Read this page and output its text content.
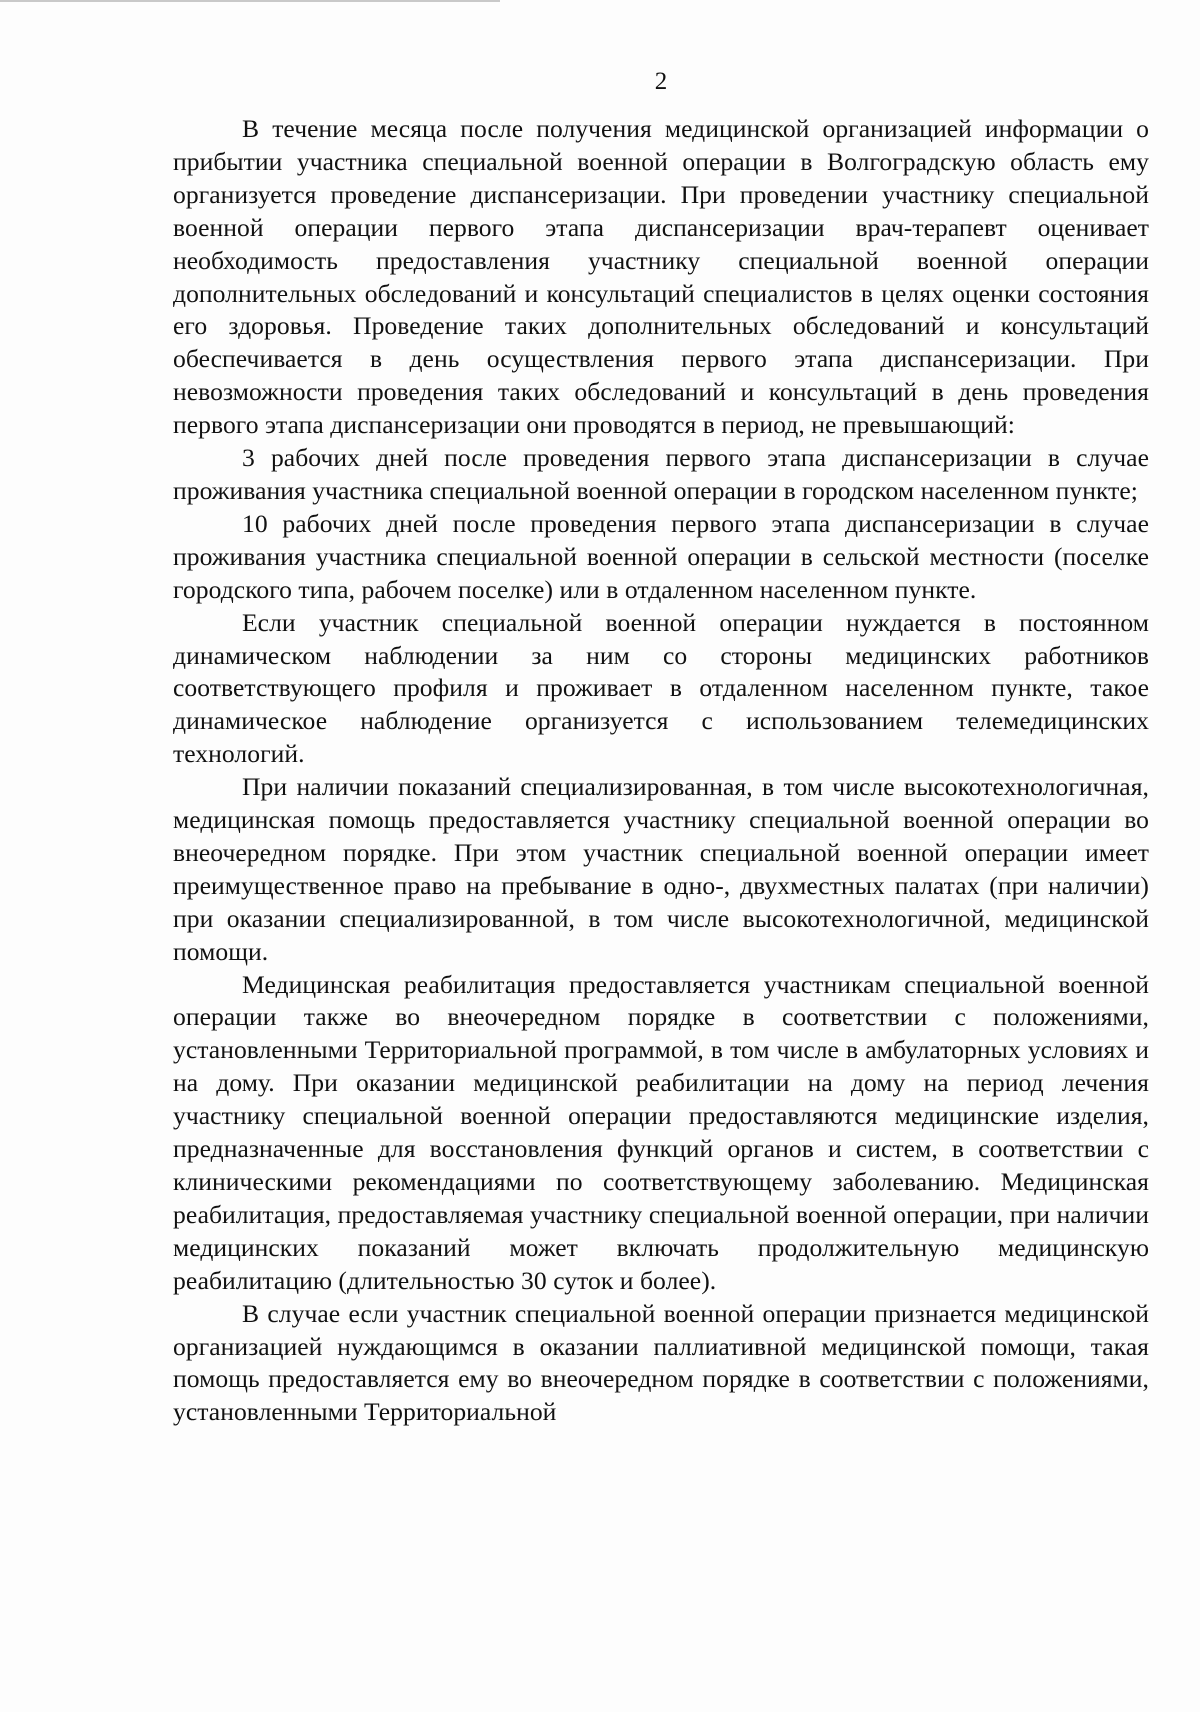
2

В течение месяца после получения медицинской организацией информации о прибытии участника специальной военной операции в Волгоградскую область ему организуется проведение диспансеризации. При проведении участнику специальной военной операции первого этапа диспансеризации врач-терапевт оценивает необходимость предоставления участнику специальной военной операции дополнительных обследований и консультаций специалистов в целях оценки состояния его здоровья. Проведение таких дополнительных обследований и консультаций обеспечивается в день осуществления первого этапа диспансеризации. При невозможности проведения таких обследований и консультаций в день проведения первого этапа диспансеризации они проводятся в период, не превышающий:

3 рабочих дней после проведения первого этапа диспансеризации в случае проживания участника специальной военной операции в городском населенном пункте;

10 рабочих дней после проведения первого этапа диспансеризации в случае проживания участника специальной военной операции в сельской местности (поселке городского типа, рабочем поселке) или в отдаленном населенном пункте.

Если участник специальной военной операции нуждается в постоянном динамическом наблюдении за ним со стороны медицинских работников соответствующего профиля и проживает в отдаленном населенном пункте, такое динамическое наблюдение организуется с использованием телемедицинских технологий.

При наличии показаний специализированная, в том числе высокотехнологичная, медицинская помощь предоставляется участнику специальной военной операции во внеочередном порядке. При этом участник специальной военной операции имеет преимущественное право на пребывание в одно-, двухместных палатах (при наличии) при оказании специализированной, в том числе высокотехнологичной, медицинской помощи.

Медицинская реабилитация предоставляется участникам специальной военной операции также во внеочередном порядке в соответствии с положениями, установленными Территориальной программой, в том числе в амбулаторных условиях и на дому. При оказании медицинской реабилитации на дому на период лечения участнику специальной военной операции предоставляются медицинские изделия, предназначенные для восстановления функций органов и систем, в соответствии с клиническими рекомендациями по соответствующему заболеванию. Медицинская реабилитация, предоставляемая участнику специальной военной операции, при наличии медицинских показаний может включать продолжительную медицинскую реабилитацию (длительностью 30 суток и более).

В случае если участник специальной военной операции признается медицинской организацией нуждающимся в оказании паллиативной медицинской помощи, такая помощь предоставляется ему во внеочередном порядке в соответствии с положениями, установленными Территориальной
